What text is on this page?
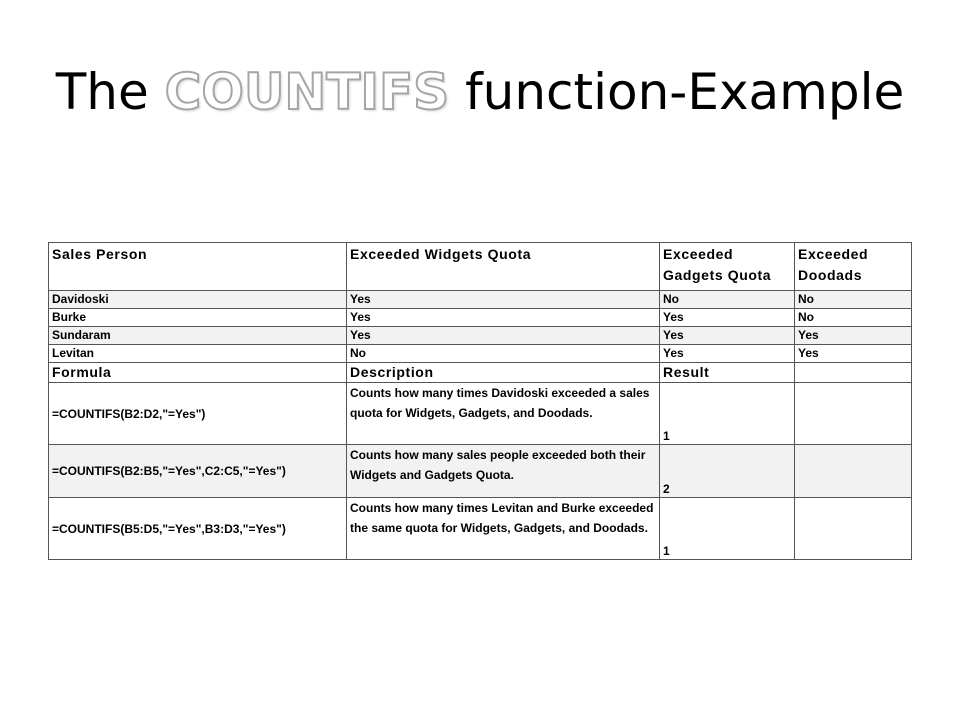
The COUNTIFS function-Example
Sales Person	Exceeded Widgets Quota	Exceeded Gadgets Quota	Exceeded Doodads
Davidoski	Yes	No	No
Burke	Yes	Yes	No
Sundaram	Yes	Yes	Yes
Levitan	No	Yes	Yes
Formula	Description	Result	
=COUNTIFS(B2:D2,"=Yes")	Counts how many times Davidoski exceeded a sales quota for Widgets, Gadgets, and Doodads.	1	
=COUNTIFS(B2:B5,"=Yes",C2:C5,"=Yes")	Counts how many sales people exceeded both their Widgets and Gadgets Quota.	2	
=COUNTIFS(B5:D5,"=Yes",B3:D3,"=Yes")	Counts how many times Levitan and Burke exceeded the same quota for Widgets, Gadgets, and Doodads.	1	
